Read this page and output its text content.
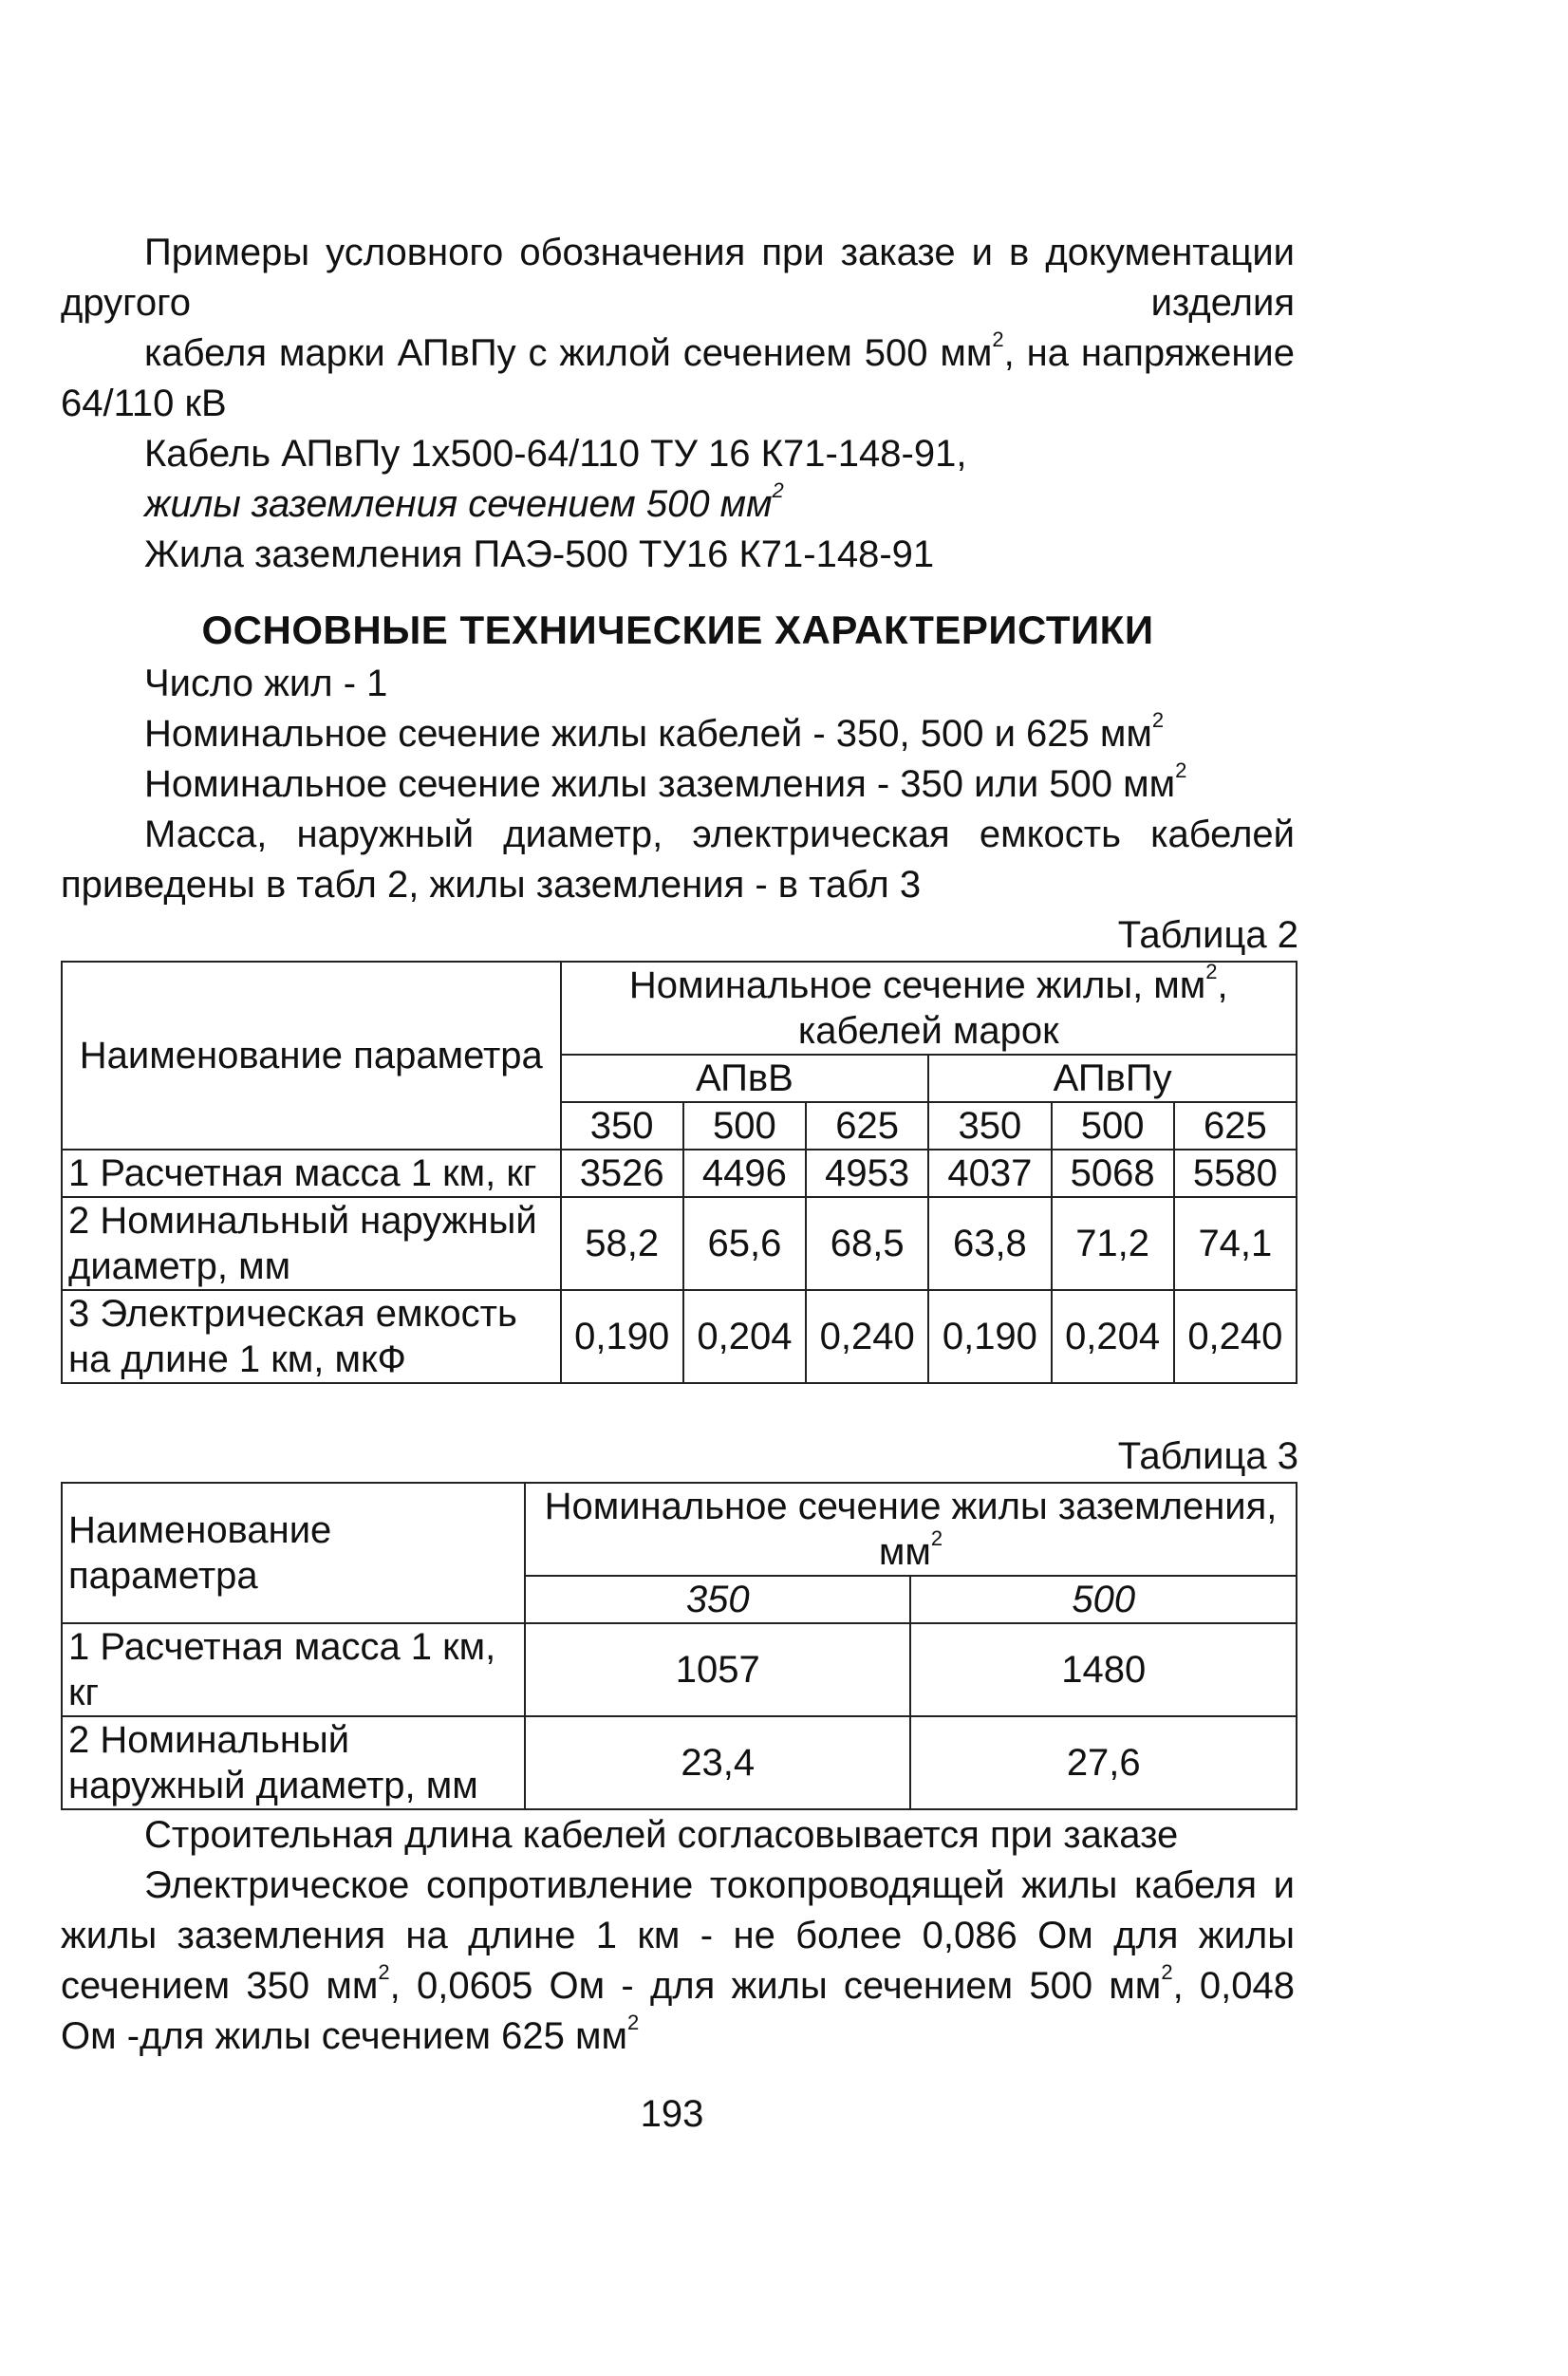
Примеры условного обозначения при заказе и в документации другого изделия

кабеля марки АПвПу с жилой сечением 500 $мм^2$, на напряжение 64/110 кВ

Кабель АПвПу 1х500-64/110 ТУ 16 К71-148-91,

жилы заземления сечением 500 $мм^2$

Жила заземления ПАЭ-500 ТУ16 К71-148-91

ОСНОВНЫЕ ТЕХНИЧЕСКИЕ ХАРАКТЕРИСТИКИ

Число жил - 1

Номинальное сечение жилы кабелей - 350, 500 и 625 $мм^2$

Номинальное сечение жилы заземления - 350 или 500 $мм^2$

Масса, наружный диаметр, электрическая емкость кабелей приведены в табл 2, жилы заземления - в табл 3

Таблица 2

Наименование параметра	Номинальное сечение жилы, $мм^2$, кабелей марок					
	АПвВ			АПвПу		
	350	500	625	350	500	625
1 Расчетная масса 1 км, кг	3526	4496	4953	4037	5068	5580
2 Номинальный наружный диаметр, мм	58,2	65,6	68,5	63,8	71,2	74,1
3 Электрическая емкость на длине 1 км, мкФ	0,190	0,204	0,240	0,190	0,204	0,240

Таблица 3

Наименование параметра	Номинальное сечение жилы заземления, $мм^2$
	350	500
1 Расчетная масса 1 км, кг	1057	1480
2 Номинальный наружный диаметр, мм	23,4	27,6

Строительная длина кабелей согласовывается при заказе

Электрическое сопротивление токопроводящей жилы кабеля и жилы заземления на длине 1 км - не более 0,086 Ом для жилы сечением 350 $мм^2$, 0,0605 Ом - для жилы сечением 500 $мм^2$, 0,048 Ом -для жилы сечением 625 $мм^2$

193
